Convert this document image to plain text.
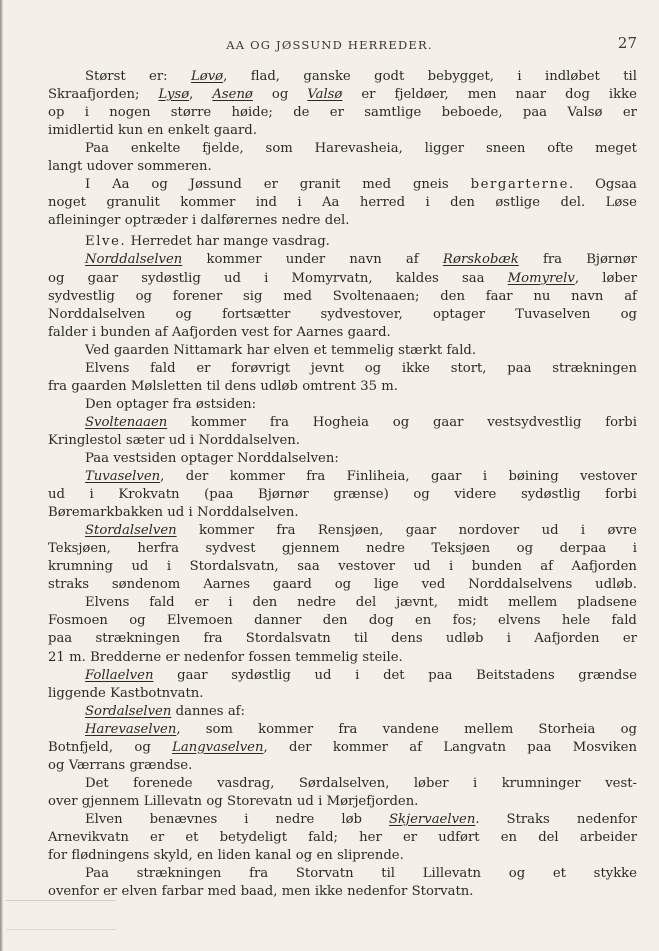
AA OG JØSSUND HERREDER.	27
Størst er: Løvø, flad, ganske godt bebygget, i indløbet til
Skraafjorden; Lysø, Asenø og Valsø er fjeldøer, men naar dog ikke
op i nogen større høide; de er samtlige beboede, paa Valsø er
imidlertid kun en enkelt gaard.
Paa enkelte fjelde, som Harevasheia, ligger sneen ofte meget
langt udover sommeren.
I Aa og Jøssund er granit med gneis bergarterne. Ogsaa
noget granulit kommer ind i Aa herred i den østlige del. Løse
afleininger optræder i dalførernes nedre del.
Elve. Herredet har mange vasdrag.
Norddalselven kommer under navn af Rørskobæk fra Bjørnør
og gaar sydøstlig ud i Momyrvatn, kaldes saa Momyrelv, løber
sydvestlig og forener sig med Svoltenaaen; den faar nu navn af
Norddalselven og fortsætter sydvestover, optager Tuvaselven og
falder i bunden af Aafjorden vest for Aarnes gaard.
Ved gaarden Nittamark har elven et temmelig stærkt fald.
Elvens fald er forøvrigt jevnt og ikke stort, paa strækningen
fra gaarden Mølsletten til dens udløb omtrent 35 m.
Den optager fra østsiden:
Svoltenaaen kommer fra Hogheia og gaar vestsydvestlig forbi
Kringlestol sæter ud i Norddalselven.
Paa vestsiden optager Norddalselven:
Tuvaselven, der kommer fra Finliheia, gaar i bøining vestover
ud i Krokvatn (paa Bjørnør grænse) og videre sydøstlig forbi
Børemarkbakken ud i Norddalselven.
Stordalselven kommer fra Rensjøen, gaar nordover ud i øvre
Teksjøen, herfra sydvest gjennem nedre Teksjøen og derpaa i
krumning ud i Stordalsvatn, saa vestover ud i bunden af Aafjorden
straks søndenom Aarnes gaard og lige ved Norddalselvens udløb.
Elvens fald er i den nedre del jævnt, midt mellem pladsene
Fosmoen og Elvemoen danner den dog en fos; elvens hele fald
paa strækningen fra Stordalsvatn til dens udløb i Aafjorden er
21 m. Bredderne er nedenfor fossen temmelig steile.
Follaelven gaar sydøstlig ud i det paa Beitstadens grændse
liggende Kastbotnvatn.
Sordalselven dannes af:
Harevaselven, som kommer fra vandene mellem Storheia og
Botnfjeld, og Langvaselven, der kommer af Langvatn paa Mosviken
og Værrans grændse.
Det forenede vasdrag, Sørdalselven, løber i krumninger vest-
over gjennem Lillevatn og Storevatn ud i Mørjefjorden.
Elven benævnes i nedre løb Skjervaelven. Straks nedenfor
Arnevikvatn er et betydeligt fald; her er udført en del arbeider
for flødningens skyld, en liden kanal og en sliprende.
Paa strækningen fra Storvatn til Lillevatn og et stykke
ovenfor er elven farbar med baad, men ikke nedenfor Storvatn.
